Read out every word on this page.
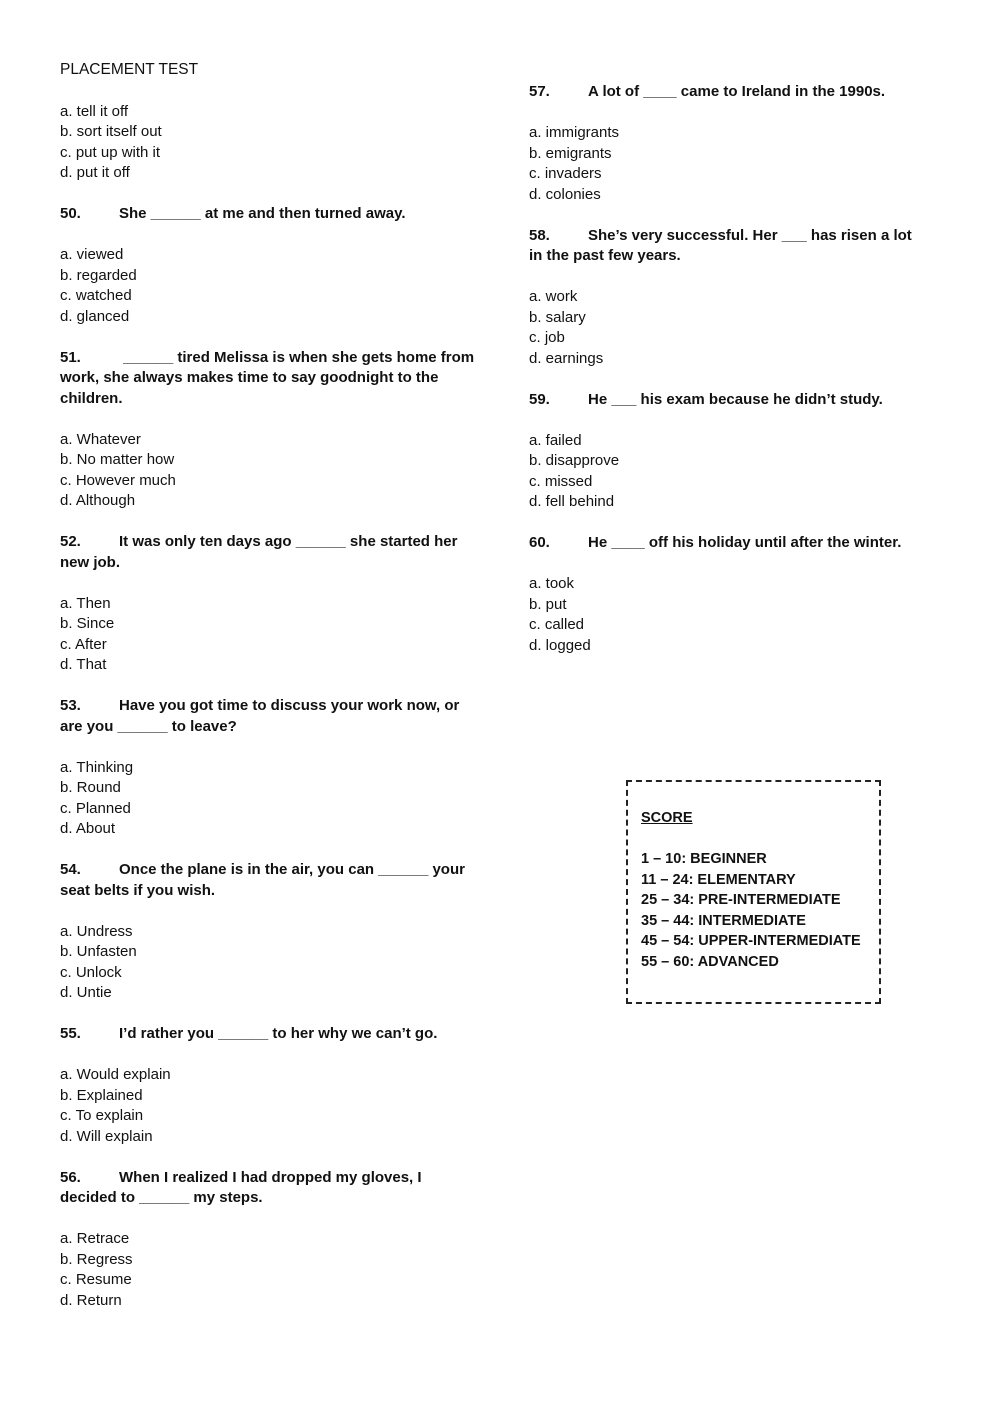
PLACEMENT TEST
a. tell it off
b. sort itself out
c. put up with it
d. put it off
50.	She ______ at me and then turned away.
a. viewed
b. regarded
c. watched
d. glanced
51.	______ tired Melissa is when she gets home from work, she always makes time to say goodnight to the children.
a. Whatever
b. No matter how
c. However much
d. Although
52.	It was only ten days ago ______ she started her new job.
a. Then
b. Since
c. After
d. That
53.	Have you got time to discuss your work now, or are you ______ to leave?
a. Thinking
b. Round
c. Planned
d. About
54.	Once the plane is in the air, you can ______ your seat belts if you wish.
a. Undress
b. Unfasten
c. Unlock
d. Untie
55.	I’d rather you ______ to her why we can’t go.
a. Would explain
b. Explained
c. To explain
d. Will explain
56.	When I realized I had dropped my gloves, I decided to ______ my steps.
a. Retrace
b. Regress
c. Resume
d. Return
57.	A lot of ____ came to Ireland in the 1990s.
a. immigrants
b. emigrants
c. invaders
d. colonies
58.	She’s very successful. Her ___ has risen a lot in the past few years.
a. work
b. salary
c. job
d. earnings
59.	He ___ his exam because he didn’t study.
a. failed
b. disapprove
c. missed
d. fell behind
60.	He ____ off his holiday until after the winter.
a. took
b. put
c. called
d. logged
SCORE
1 – 10: BEGINNER
11 – 24: ELEMENTARY
25 – 34: PRE-INTERMEDIATE
35 – 44: INTERMEDIATE
45 – 54: UPPER-INTERMEDIATE
55 – 60: ADVANCED
